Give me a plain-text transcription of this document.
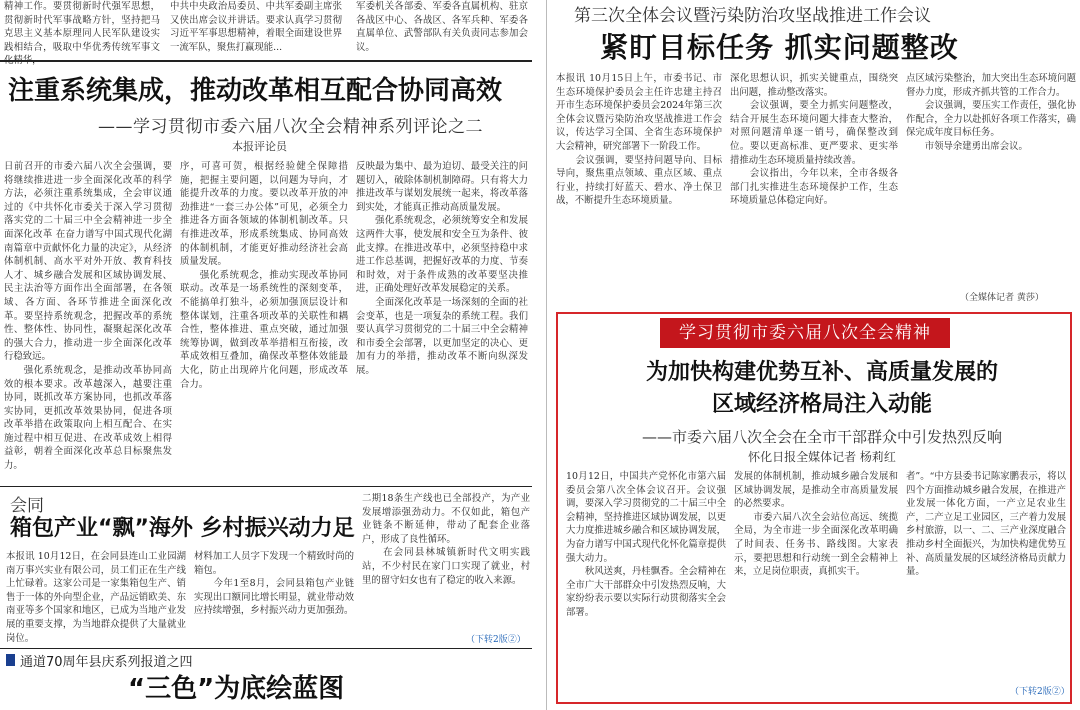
精神工作。要贯彻新时代强军思想，贯彻新时代军事战略方针，坚持把马克思主义基本原理同人民军队建设实践相结合，吸取中华优秀传统军事文
中共中央政治局委员、中共军委副主席张又侠出席会议并讲话。要求认真学习贯彻习近平军事思想精神，着眼全面建设世界一流军队，聚焦打赢现能...
军委机关各部委、军委各直属机构、驻京各战区中心、各战区、各军兵种、军委各直属单位、武警部队有关负责同志参加会议。
注重系统集成，推动改革相互配合协同高效
——学习贯彻市委六届八次全会精神系列评论之二
本报评论员
日前召开的市委六届八次全会强调，要将继续推进进一步全面深化改革的科学方法，必须注重系统集成，全会审议通过的《中共怀化市委关于深入学习贯彻落实党的二十届三中全会精神进一步全面深化改革 在奋力谱写中国式现代化湖南篇章中贡献怀化力量的决定》，从经济体制机制、高水平对外开放、教育科技人才、城乡融合发展和区域协调发展、民主法治等方面作出全面部署，在各领域、各方面、各环节推进全面深化改革。要坚持系统观念，把握改革的系统性、整体性、协同性，凝聚起深化改革的强大合力，推动进一步全面深化改革行稳致远。
　　强化系统观念，是推动改革协同高效的根本要求。改革越深入，越要注重协同，既抓改革方案协同，也抓改革落实协同，更抓改革效果协同，促进各项改革举措在政策取向上相互配合、在实施过程中相互促进、在改革成效上相得益彰，朝着全面深化改革总目标聚焦发力。
序，可喜可贺，根据经验健全保障措施，把握主要问题，以问题为导向，才能提升改革的力度。要以改革开放的冲劲推进“一套三办公体”可见，必须全力推进各方面各领域的体制机制改革。只有推进改革，形成系统集成、协同高效的体制机制，才能更好推动经济社会高质量发展。
　　强化系统观念，推动实现改革协同联动。改革是一场系统性的深刻变革，不能搞单打独斗，必须加强顶层设计和整体谋划，注重各项改革的关联性和耦合性，整体推进、重点突破，通过加强统筹协调，做到改革举措相互衔接，改革成效相互叠加，确保改革整体效能最大化，防止出现碎片化问题，形成改革合力。
反映最为集中、最为迫切、最受关注的问题切入，破除体制机制障碍。只有将大力推进改革与谋划发展统一起来，将改革落到实处，才能真正推动高质量发展。
　　强化系统观念，必须统筹安全和发展这两件大事，使发展和安全互为条件、彼此支撑。在推进改革中，必须坚持稳中求进工作总基调，把握好改革的力度、节奏和时效，对于条件成熟的改革要坚决推进，正确处理好改革发展稳定的关系。
　　全面深化改革是一场深刻的全面的社会变革，也是一项复杂的系统工程。我们要认真学习贯彻党的二十届三中全会精神和市委全会部署，以更加坚定的决心、更加有力的举措，推动改革不断向纵深发展。
会同
箱包产业“飘”海外 乡村振兴动力足
本报讯 10月12日，在会同县连山工业园湖南万事兴实业有限公司，员工们正在生产线上忙碌着。这家公司是一家集箱包生产、销售于一体的外向型企业，产品远销欧美、东南亚等多个国家和地区，已成为当地产业发展的重要支撑，为当地群众提供了大量就业岗位。
材料加工人员字下发现一个精致时尚的箱包。
　　今年1至8月，会同县箱包产业链实现出口额同比增长明显，就业带动效应持续增强，乡村振兴动力更加强劲。
二期18条生产线也已全部投产，为产业发展增添强劲动力。不仅如此，箱包产业链条不断延伸，带动了配套企业落户，形成了良性循环。
　　在会同县林城镇新时代文明实践站，不少村民在家门口实现了就业，村里的留守妇女也有了稳定的收入来源。
（下转2版②）
通道70周年县庆系列报道之四
“三色”为底绘蓝图
第三次全体会议暨污染防治攻坚战推进工作会议
紧盯目标任务 抓实问题整改
本报讯 10月15日上午，市委书记、市生态环境保护委员会主任许忠建主持召开市生态环境保护委员会2024年第三次全体会议暨污染防治攻坚战推进工作会议，传达学习全国、全省生态环境保护大会精神，研究部署下一阶段工作。
　　会议强调，要坚持问题导向、目标导向，聚焦重点领域、重点区域、重点行业，持续打好蓝天、碧水、净土保卫战，不断提升生态环境质量。
深化思想认识，抓实关键重点，围绕突出问题，推动整改落实。
　　会议强调，要全力抓实问题整改，结合开展生态环境问题大排查大整治，对照问题清单逐一销号，确保整改到位。要以更高标准、更严要求、更实举措推动生态环境质量持续改善。
　　会议指出，今年以来，全市各级各部门扎实推进生态环境保护工作，生态环境质量总体稳定向好。
点区域污染整治，加大突出生态环境问题督办力度，形成齐抓共管的工作合力。
　　会议强调，要压实工作责任，强化协作配合，全力以赴抓好各项工作落实，确保完成年度目标任务。
　　市领导余建勇出席会议。
（全媒体记者 黄莎）
学习贯彻市委六届八次全会精神
为加快构建优势互补、高质量发展的
区域经济格局注入动能
——市委六届八次全会在全市干部群众中引发热烈反响
怀化日报全媒体记者 杨莉红
10月12日，中国共产党怀化市第六届委员会第八次全体会议召开。会议强调，要深入学习贯彻党的二十届三中全会精神，坚持推进区域协调发展，以更大力度推进城乡融合和区域协调发展，为奋力谱写中国式现代化怀化篇章提供强大动力。
　　秋风送爽，丹桂飘香。全会精神在全市广大干部群众中引发热烈反响，大家纷纷表示要以实际行动贯彻落实全会部署。
发展的体制机制，推动城乡融合发展和区域协调发展，是推动全市高质量发展的必然要求。
　　市委六届八次全会站位高远、统揽全局，为全市进一步全面深化改革明确了时间表、任务书、路线图。大家表示，要把思想和行动统一到全会精神上来，立足岗位职责，真抓实干。
者”。“中方县委书记陈家鹏表示，将以四个方面推动城乡融合发展，在推进产业发展一体化方面，一产立足农业生产，二产立足工业园区，三产着力发展乡村旅游，以一、二、三产业深度融合推动乡村全面振兴，为加快构建优势互补、高质量发展的区域经济格局贡献力量。
（下转2版②）
